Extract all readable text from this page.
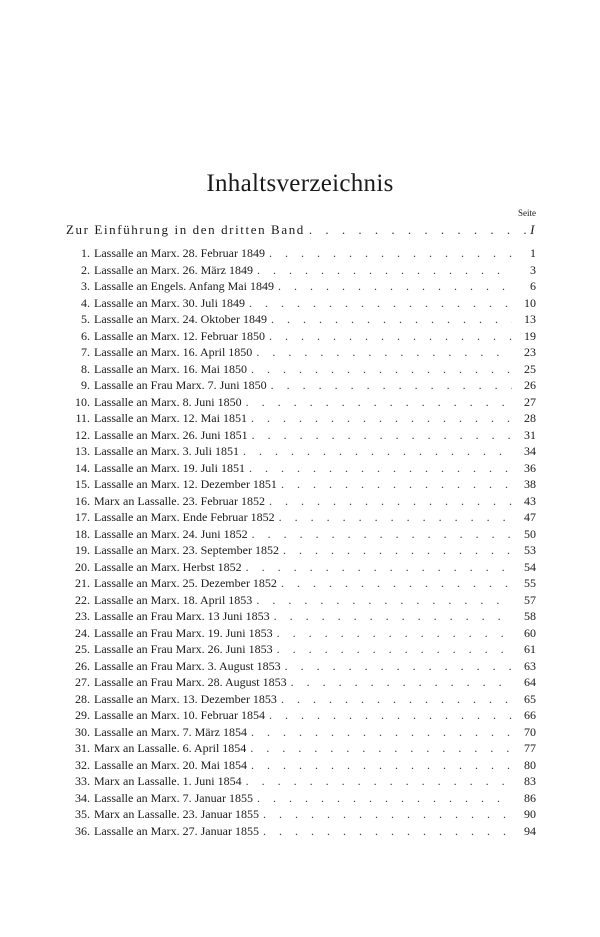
Inhaltsverzeichnis
Seite
Zur Einführung in den dritten Band . . .	I
1. Lassalle an Marx. 28. Februar 1849 . . .	1
2. Lassalle an Marx. 26. März 1849 . . .	3
3. Lassalle an Engels. Anfang Mai 1849 . . .	6
4. Lassalle an Marx. 30. Juli 1849 . . .	10
5. Lassalle an Marx. 24. Oktober 1849 . . .	13
6. Lassalle an Marx. 12. Februar 1850 . . .	19
7. Lassalle an Marx. 16. April 1850 . . .	23
8. Lassalle an Marx. 16. Mai 1850 . . .	25
9. Lassalle an Frau Marx. 7. Juni 1850 . . .	26
10. Lassalle an Marx. 8. Juni 1850 . . .	27
11. Lassalle an Marx. 12. Mai 1851 . . .	28
12. Lassalle an Marx. 26. Juni 1851 . . .	31
13. Lassalle an Marx. 3. Juli 1851 . . .	34
14. Lassalle an Marx. 19. Juli 1851 . . .	36
15. Lassalle an Marx. 12. Dezember 1851 . . .	38
16. Marx an Lassalle. 23. Februar 1852 . . .	43
17. Lassalle an Marx. Ende Februar 1852 . . .	47
18. Lassalle an Marx. 24. Juni 1852 . . .	50
19. Lassalle an Marx. 23. September 1852 . . .	53
20. Lassalle an Marx. Herbst 1852 . . .	54
21. Lassalle an Marx. 25. Dezember 1852 . . .	55
22. Lassalle an Marx. 18. April 1853 . . .	57
23. Lassalle an Frau Marx. 13 Juni 1853 . . .	58
24. Lassalle an Frau Marx. 19. Juni 1853 . . .	60
25. Lassalle an Frau Marx. 26. Juni 1853 . . .	61
26. Lassalle an Frau Marx. 3. August 1853 . . .	63
27. Lassalle an Frau Marx. 28. August 1853 . . .	64
28. Lassalle an Marx. 13. Dezember 1853 . . .	65
29. Lassalle an Marx. 10. Februar 1854 . . .	66
30. Lassalle an Marx. 7. März 1854 . . .	70
31. Marx an Lassalle. 6. April 1854 . . .	77
32. Lassalle an Marx. 20. Mai 1854 . . .	80
33. Marx an Lassalle. 1. Juni 1854 . . .	83
34. Lassalle an Marx. 7. Januar 1855 . . .	86
35. Marx an Lassalle. 23. Januar 1855 . . .	90
36. Lassalle an Marx. 27. Januar 1855 . . .	94
